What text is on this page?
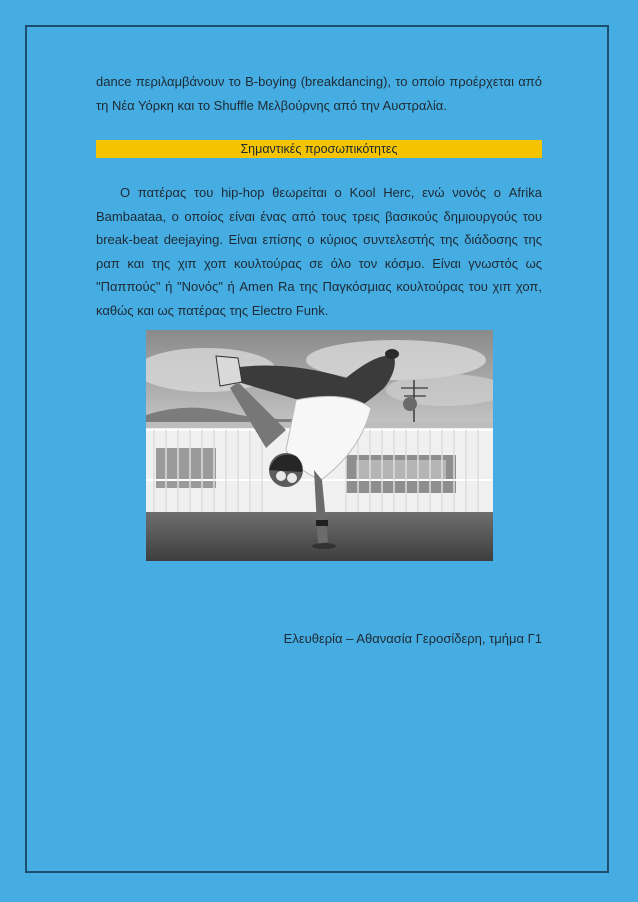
dance περιλαμβάνουν το B-boying (breakdancing), το οποίο προέρχεται από τη Νέα Υόρκη και το Shuffle Μελβούρνης από την Αυστραλία.

Σημαντικές προσωπικότητες

Ο πατέρας του hip-hop θεωρείται ο Kool Herc, ενώ νονός ο Afrika Bambaataa, ο οποίος είναι ένας από τους τρεις βασικούς δημιουργούς του break-beat deejaying. Είναι επίσης ο κύριος συντελεστής της διάδοσης της ραπ και της χιπ χοπ κουλτούρας σε όλο τον κόσμο. Είναι γνωστός ως "Παππούς" ή "Νονός" ή Amen Ra της Παγκόσμιας κουλτούρας του χιπ χοπ, καθώς και ως πατέρας της Electro Funk.

Ελευθερία – Αθανασία Γεροσίδερη, τμήμα Γ1
